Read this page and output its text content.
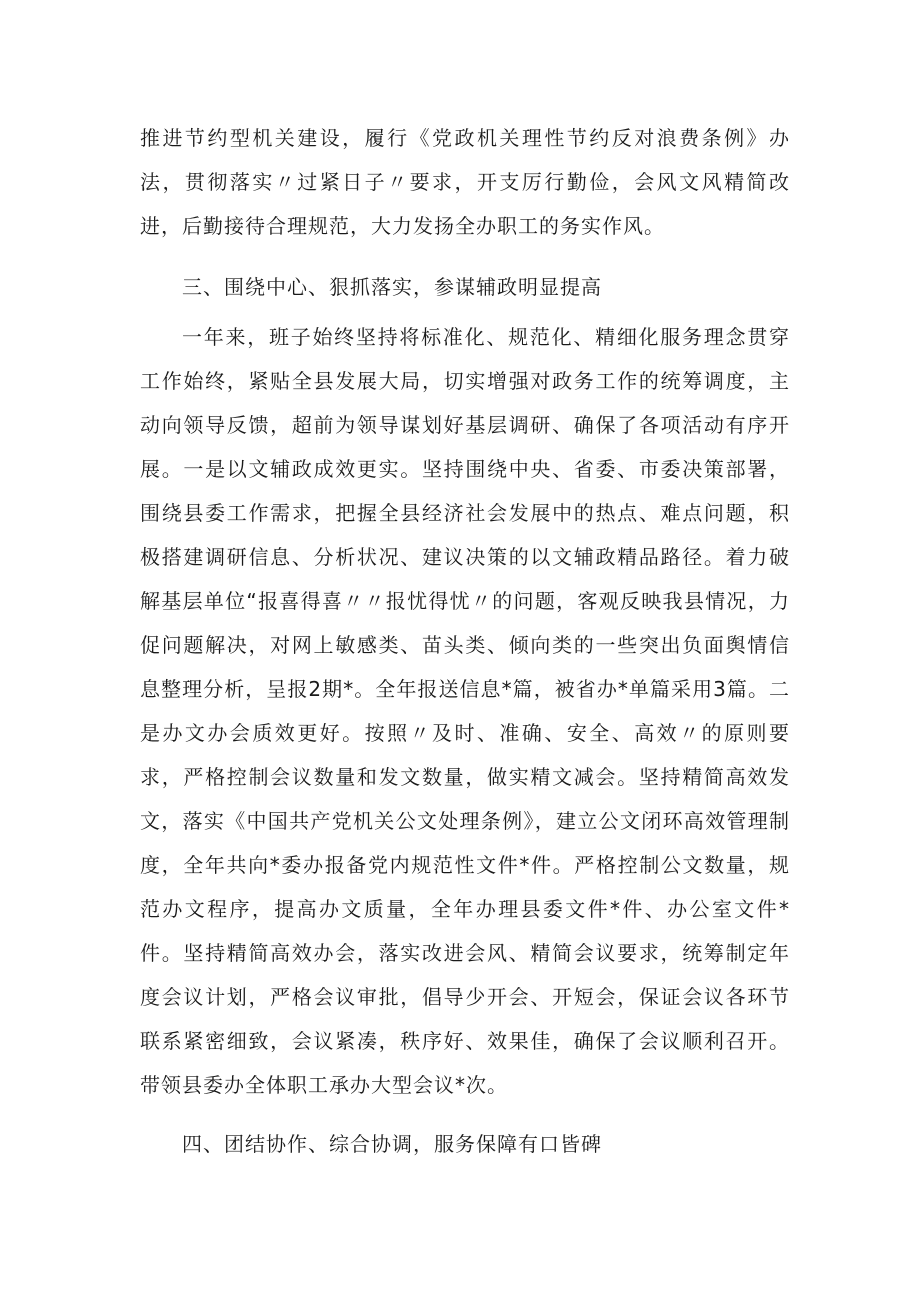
推进节约型机关建设，履行《党政机关理性节约反对浪费条例》办法，贯彻落实〃过紧日子〃要求，开支厉行勤俭，会风文风精简改进，后勤接待合理规范，大力发扬全办职工的务实作风。

三、围绕中心、狠抓落实，参谋辅政明显提高

一年来，班子始终坚持将标准化、规范化、精细化服务理念贯穿工作始终，紧贴全县发展大局，切实增强对政务工作的统筹调度，主动向领导反馈，超前为领导谋划好基层调研、确保了各项活动有序开展。一是以文辅政成效更实。坚持围绕中央、省委、市委决策部署，围绕县委工作需求，把握全县经济社会发展中的热点、难点问题，积极搭建调研信息、分析状况、建议决策的以文辅政精品路径。着力破解基层单位“报喜得喜〃〃报忧得忧〃的问题，客观反映我县情况，力促问题解决，对网上敏感类、苗头类、倾向类的一些突出负面舆情信息整理分析，呈报2期*。全年报送信息*篇，被省办*单篇采用3篇。二是办文办会质效更好。按照〃及时、准确、安全、高效〃的原则要求，严格控制会议数量和发文数量，做实精文减会。坚持精简高效发文，落实《中国共产党机关公文处理条例》，建立公文闭环高效管理制度，全年共向*委办报备党内规范性文件*件。严格控制公文数量，规范办文程序，提高办文质量，全年办理县委文件*件、办公室文件*件。坚持精简高效办会，落实改进会风、精简会议要求，统筹制定年度会议计划，严格会议审批，倡导少开会、开短会，保证会议各环节联系紧密细致，会议紧凑，秩序好、效果佳，确保了会议顺利召开。带领县委办全体职工承办大型会议*次。

四、团结协作、综合协调，服务保障有口皆碑
